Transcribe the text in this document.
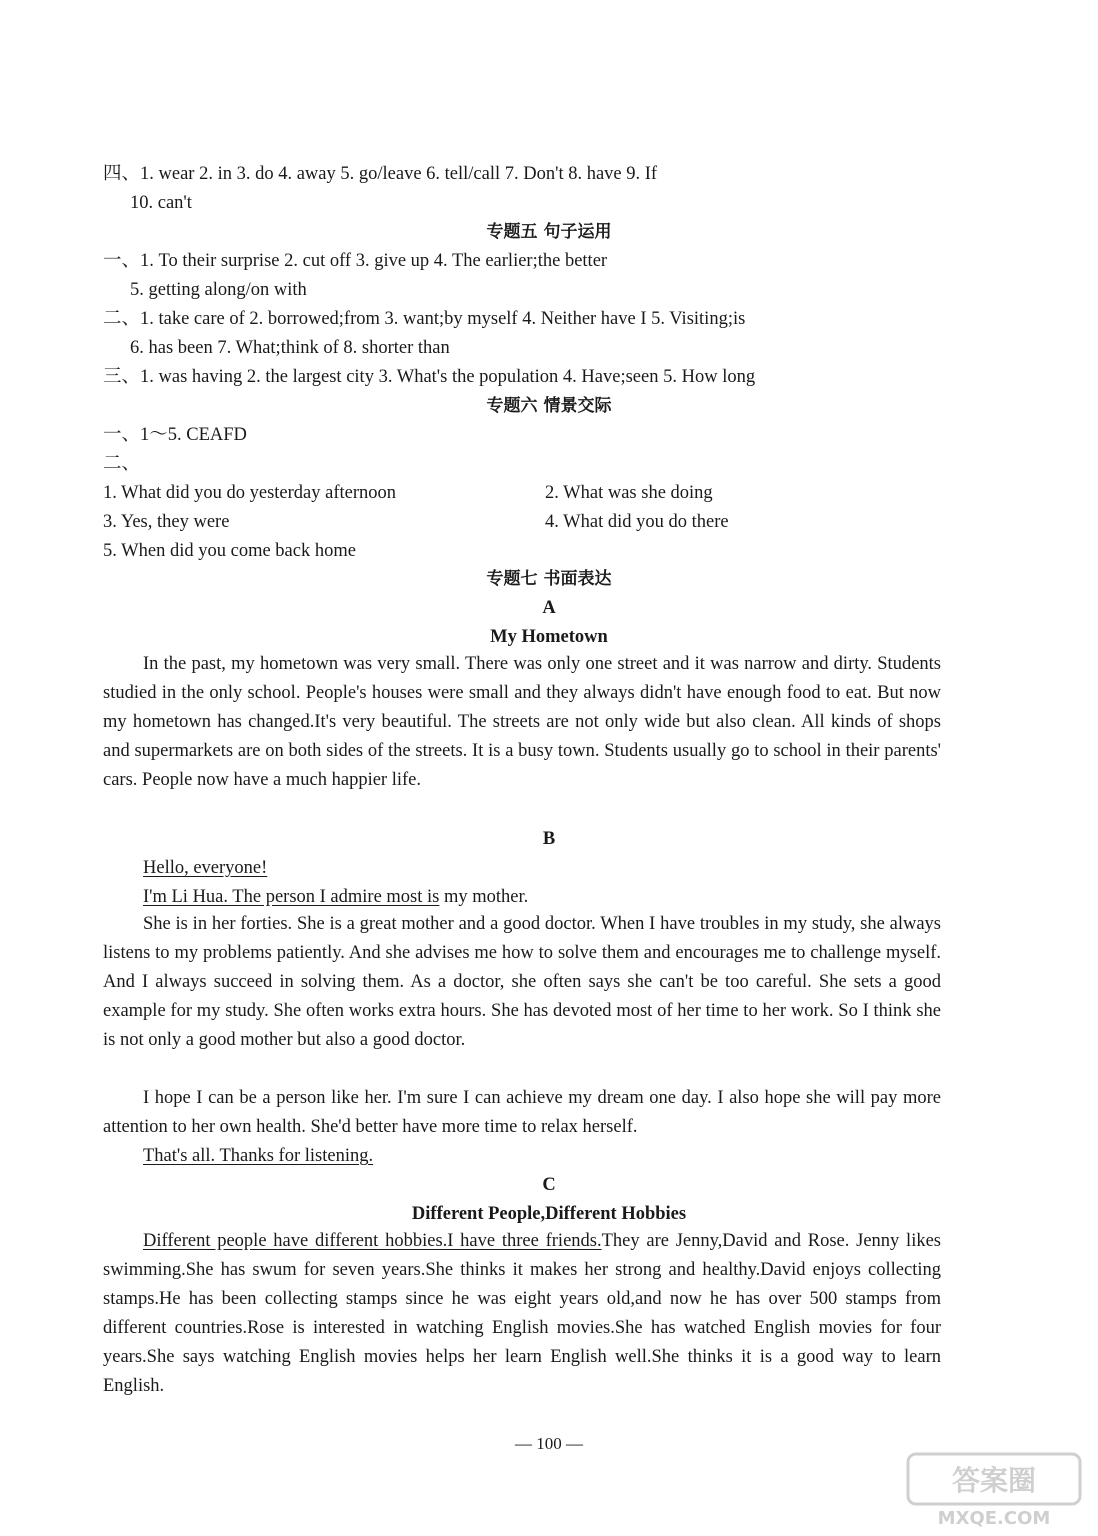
四、1. wear 2. in 3. do 4. away 5. go/leave 6. tell/call 7. Don't 8. have 9. If
10. can't
专题五 句子运用
一、1. To their surprise 2. cut off 3. give up 4. The earlier;the better
5. getting along/on with
二、1. take care of 2. borrowed;from 3. want;by myself 4. Neither have I 5. Visiting;is
6. has been 7. What;think of 8. shorter than
三、1. was having 2. the largest city 3. What's the population 4. Have;seen 5. How long
专题六 情景交际
一、1～5. CEAFD
二、
1. What did you do yesterday afternoon	2. What was she doing
3. Yes, they were	4. What did you do there
5. When did you come back home
专题七 书面表达
A
My Hometown
In the past, my hometown was very small. There was only one street and it was narrow and dirty. Students studied in the only school. People's houses were small and they always didn't have enough food to eat. But now my hometown has changed.It's very beautiful. The streets are not only wide but also clean. All kinds of shops and supermarkets are on both sides of the streets. It is a busy town. Students usually go to school in their parents' cars. People now have a much happier life.
B
Hello, everyone!
I'm Li Hua. The person I admire most is my mother.
She is in her forties. She is a great mother and a good doctor. When I have troubles in my study, she always listens to my problems patiently. And she advises me how to solve them and encourages me to challenge myself. And I always succeed in solving them. As a doctor, she often says she can't be too careful. She sets a good example for my study. She often works extra hours. She has devoted most of her time to her work. So I think she is not only a good mother but also a good doctor.
I hope I can be a person like her. I'm sure I can achieve my dream one day. I also hope she will pay more attention to her own health. She'd better have more time to relax herself.
That's all. Thanks for listening.
C
Different People,Different Hobbies
Different people have different hobbies.I have three friends.They are Jenny,David and Rose. Jenny likes swimming.She has swum for seven years.She thinks it makes her strong and healthy.David enjoys collecting stamps.He has been collecting stamps since he was eight years old,and now he has over 500 stamps from different countries.Rose is interested in watching English movies.She has watched English movies for four years.She says watching English movies helps her learn English well.She thinks it is a good way to learn English.
— 100 —
答案圈
MXQE.COM
